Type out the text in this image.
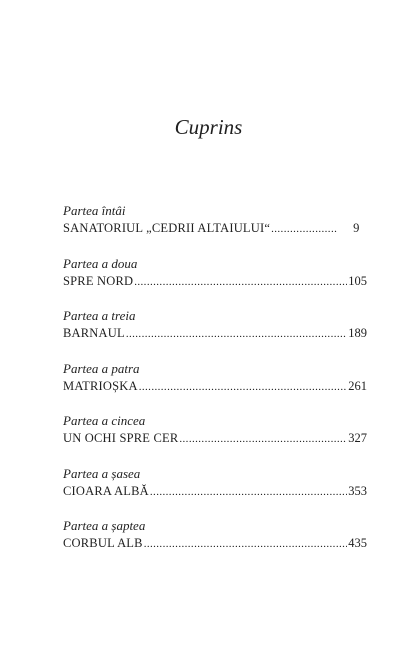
Cuprins
Partea întâi
SANATORIUL „CEDRII ALTAIULUI“ .....	9
Partea a doua
SPRE NORD .....	105
Partea a treia
BARNAUL .....	189
Partea a patra
MATRIOȘKA .....	261
Partea a cincea
UN OCHI SPRE CER .....	327
Partea a șasea
CIOARA ALBĂ .....	353
Partea a șaptea
CORBUL ALB .....	435
